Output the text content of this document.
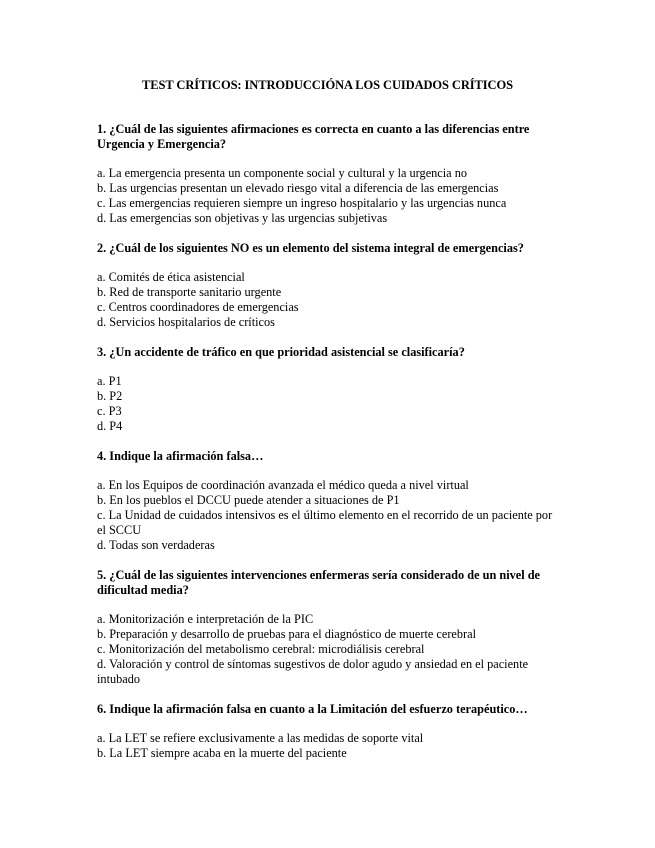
TEST CRÍTICOS: INTRODUCCIÓNA LOS CUIDADOS CRÍTICOS
1. ¿Cuál de las siguientes afirmaciones es correcta en cuanto a las diferencias entre Urgencia y Emergencia?
a. La emergencia presenta un componente social y cultural y la urgencia no
b. Las urgencias presentan un elevado riesgo vital a diferencia de las emergencias
c. Las emergencias requieren siempre un ingreso hospitalario y las urgencias nunca
d. Las emergencias son objetivas y las urgencias subjetivas
2. ¿Cuál de los siguientes NO es un elemento del sistema integral de emergencias?
a. Comités de ética asistencial
b. Red de transporte sanitario urgente
c. Centros coordinadores de emergencias
d. Servicios hospitalarios de críticos
3. ¿Un accidente de tráfico en que prioridad asistencial se clasificaría?
a. P1
b. P2
c. P3
d. P4
4. Indique la afirmación falsa…
a. En los Equipos de coordinación avanzada el médico queda a nivel virtual
b. En los pueblos el DCCU puede atender a situaciones de P1
c. La Unidad de cuidados intensivos es el último elemento en el recorrido de un paciente por el SCCU
d. Todas son verdaderas
5. ¿Cuál de las siguientes intervenciones enfermeras sería considerado de un nivel de dificultad media?
a. Monitorización e interpretación de la PIC
b. Preparación y desarrollo de pruebas para el diagnóstico de muerte cerebral
c. Monitorización del metabolismo cerebral: microdiálisis cerebral
d. Valoración y control de síntomas sugestivos de dolor agudo y ansiedad en el paciente intubado
6. Indique la afirmación falsa en cuanto a la Limitación del esfuerzo terapéutico…
a. La LET se refiere exclusivamente a las medidas de soporte vital
b. La LET siempre acaba en la muerte del paciente
